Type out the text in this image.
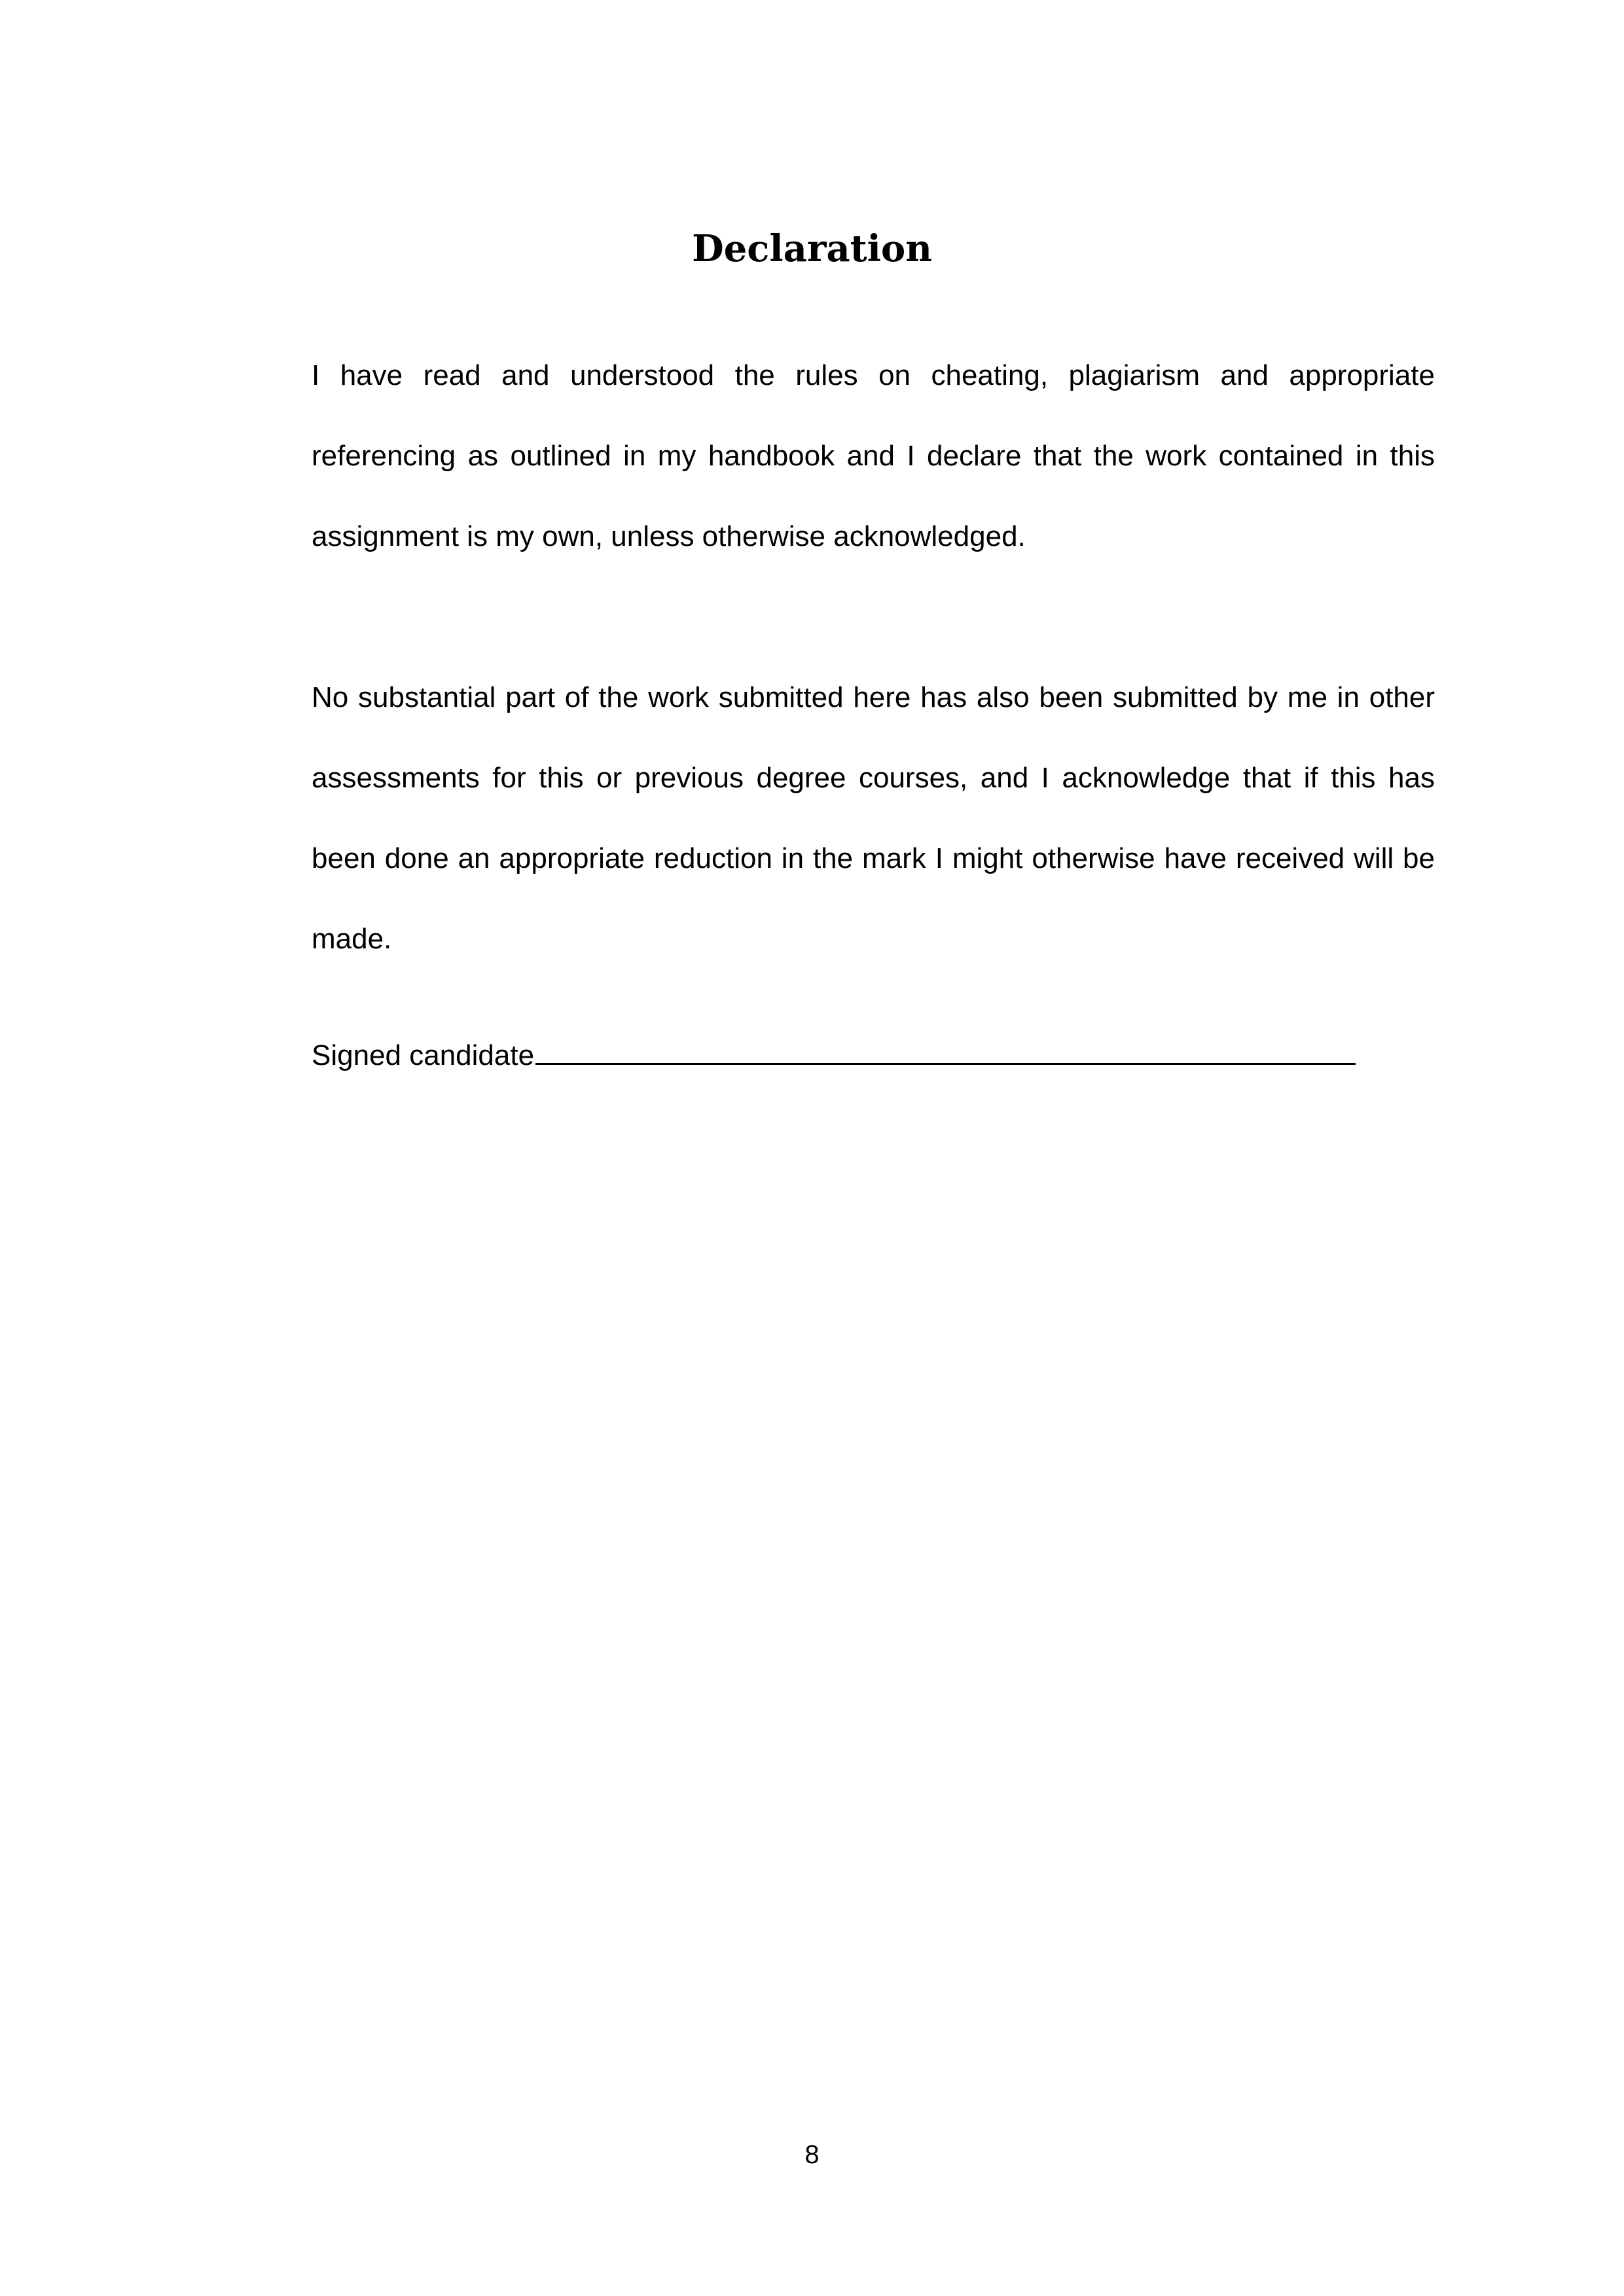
Declaration

I have read and understood the rules on cheating, plagiarism and appropriate referencing as outlined in my handbook and I declare that the work contained in this assignment is my own, unless otherwise acknowledged.

No substantial part of the work submitted here has also been submitted by me in other assessments for this or previous degree courses, and I acknowledge that if this has been done an appropriate reduction in the mark I might otherwise have received will be made.

Signed candidate
8
